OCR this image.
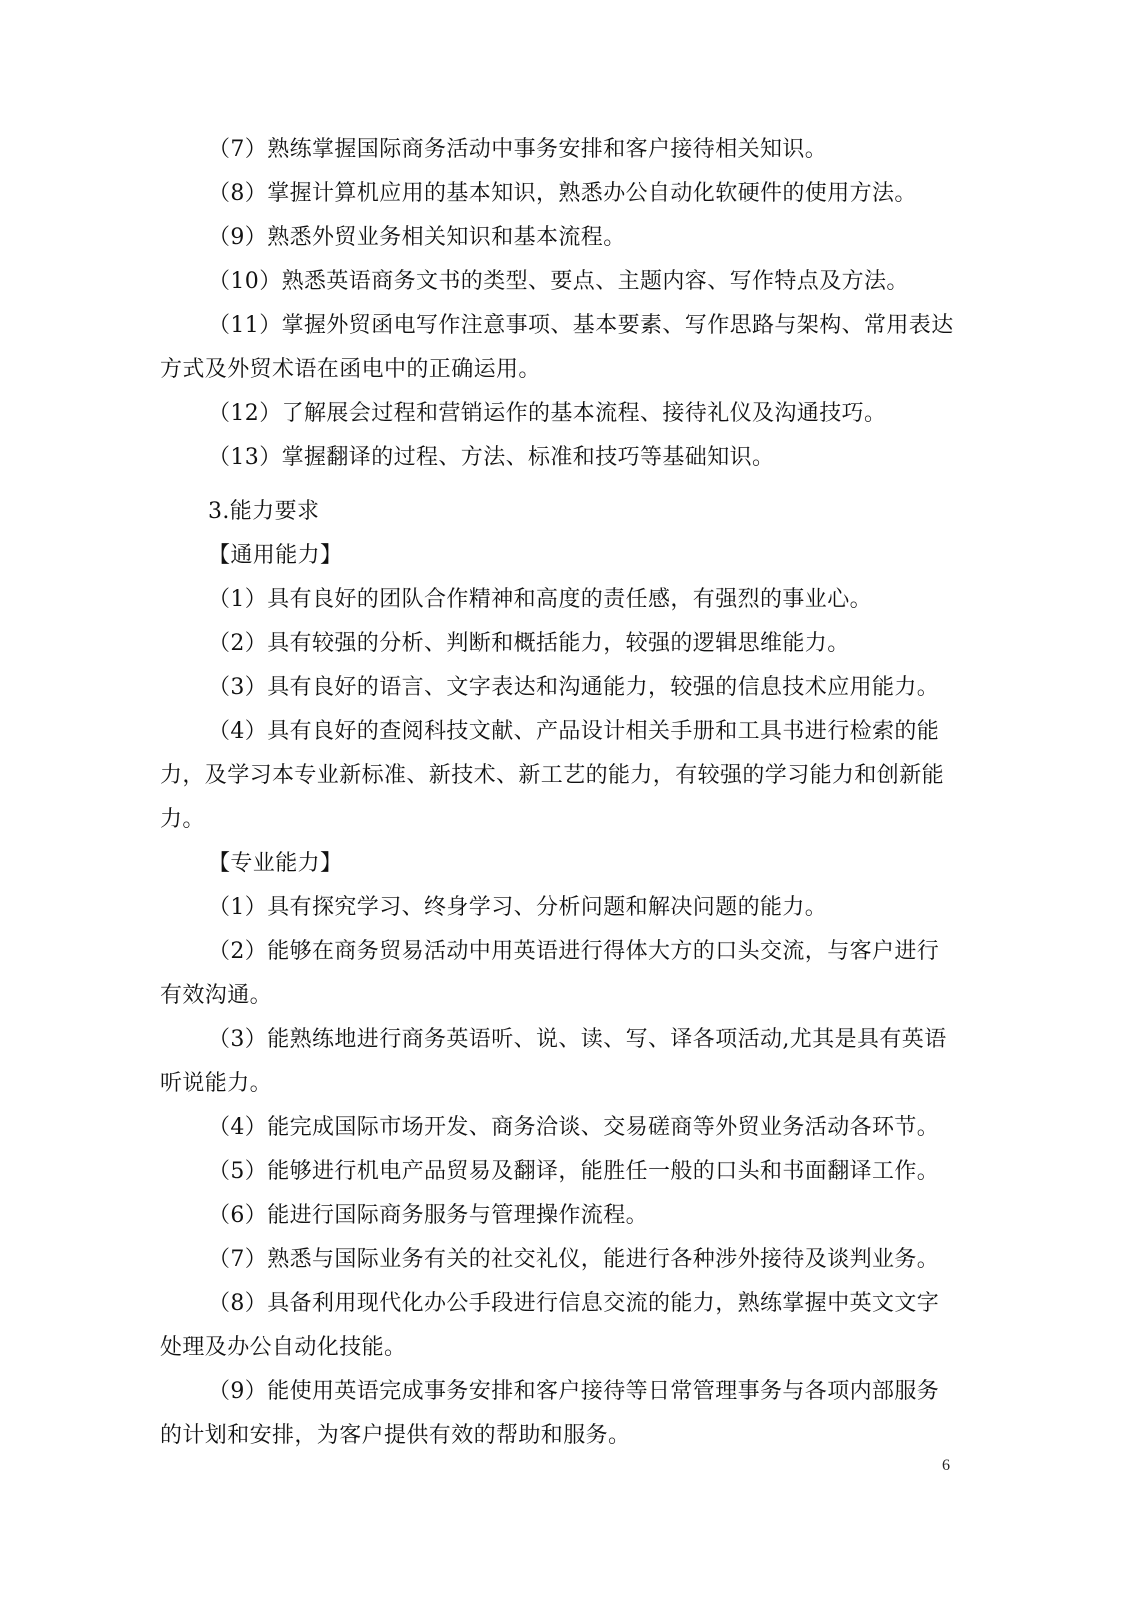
（7）熟练掌握国际商务活动中事务安排和客户接待相关知识。

（8）掌握计算机应用的基本知识，熟悉办公自动化软硬件的使用方法。

（9）熟悉外贸业务相关知识和基本流程。

（10）熟悉英语商务文书的类型、要点、主题内容、写作特点及方法。

（11）掌握外贸函电写作注意事项、基本要素、写作思路与架构、常用表达方式及外贸术语在函电中的正确运用。

（12）了解展会过程和营销运作的基本流程、接待礼仪及沟通技巧。

（13）掌握翻译的过程、方法、标准和技巧等基础知识。

3.能力要求

【通用能力】

（1）具有良好的团队合作精神和高度的责任感，有强烈的事业心。

（2）具有较强的分析、判断和概括能力，较强的逻辑思维能力。

（3）具有良好的语言、文字表达和沟通能力，较强的信息技术应用能力。

（4）具有良好的查阅科技文献、产品设计相关手册和工具书进行检索的能力，及学习本专业新标准、新技术、新工艺的能力，有较强的学习能力和创新能力。

【专业能力】

（1）具有探究学习、终身学习、分析问题和解决问题的能力。

（2）能够在商务贸易活动中用英语进行得体大方的口头交流，与客户进行有效沟通。

（3）能熟练地进行商务英语听、说、读、写、译各项活动,尤其是具有英语听说能力。

（4）能完成国际市场开发、商务洽谈、交易磋商等外贸业务活动各环节。

（5）能够进行机电产品贸易及翻译，能胜任一般的口头和书面翻译工作。

（6）能进行国际商务服务与管理操作流程。

（7）熟悉与国际业务有关的社交礼仪，能进行各种涉外接待及谈判业务。

（8）具备利用现代化办公手段进行信息交流的能力，熟练掌握中英文文字处理及办公自动化技能。

（9）能使用英语完成事务安排和客户接待等日常管理事务与各项内部服务的计划和安排，为客户提供有效的帮助和服务。

6
